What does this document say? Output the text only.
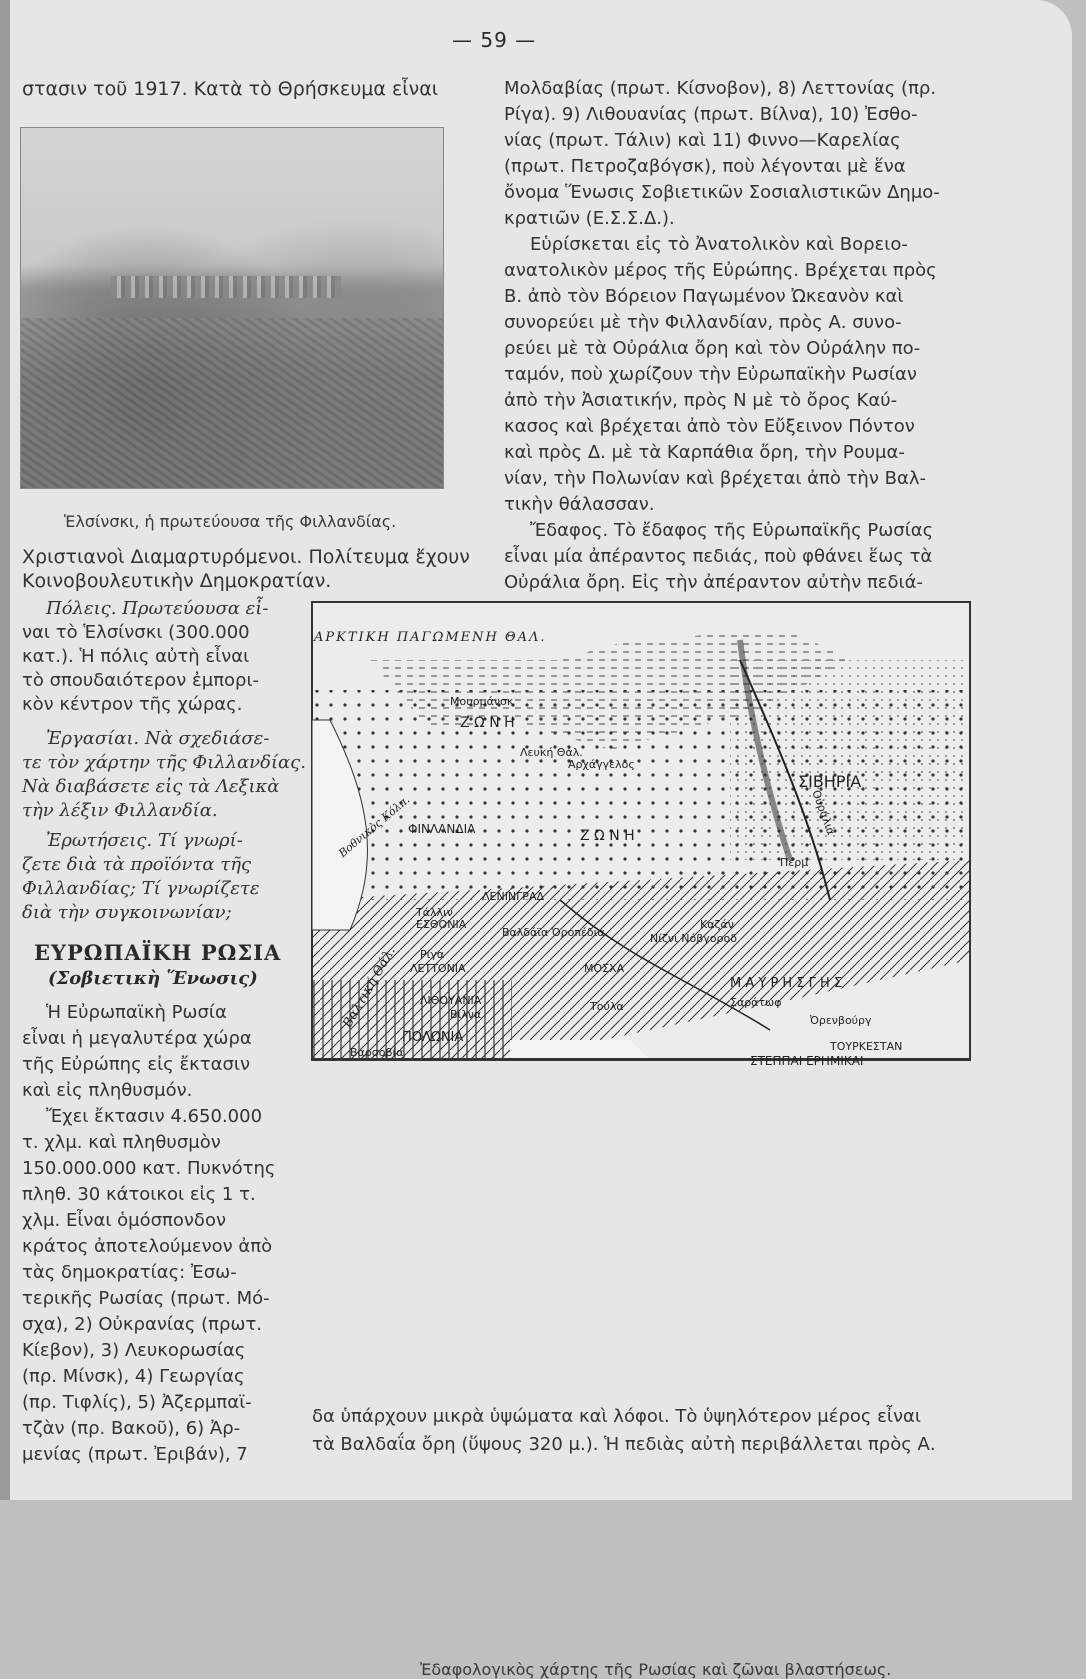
— 59 —
στασιν τοῦ 1917. Κατὰ τὸ Θρήσκευμα εἶναι
Ἑλσίνσκι, ἡ πρωτεύουσα τῆς Φιλλανδίας.
Χριστιανοὶ Διαμαρτυρόμενοι. Πολίτευμα ἔχουν
Κοινοβουλευτικὴν Δημοκρατίαν.
Πόλεις. Πρωτεύουσα εἶ-
ναι τὸ Ἑλσίνσκι (300.000
κατ.). Ἡ πόλις αὐτὴ εἶναι
τὸ σπουδαιότερον ἐμπορι-
κὸν κέντρον τῆς χώρας.
Ἐργασίαι. Νὰ σχεδιάσε-
τε τὸν χάρτην τῆς Φιλλανδίας.
Νὰ διαβάσετε εἰς τὰ Λεξικὰ
τὴν λέξιν Φιλλανδία.
Ἐρωτήσεις. Τί γνωρί-
ζετε διὰ τὰ προϊόντα τῆς
Φιλλανδίας; Τί γνωρίζετε
διὰ τὴν συγκοινωνίαν;
ΕΥΡΩΠΑΪΚΗ ΡΩΣΙΑ
(Σοβιετικὴ Ἕνωσις)
Ἡ Εὐρωπαϊκὴ Ρωσία
εἶναι ἡ μεγαλυτέρα χώρα
τῆς Εὐρώπης εἰς ἔκτασιν
καὶ εἰς πληθυσμόν.
Ἔχει ἔκτασιν 4.650.000
τ. χλμ. καὶ πληθυσμὸν
150.000.000 κατ. Πυκνότης
πληθ. 30 κάτοικοι εἰς 1 τ.
χλμ. Εἶναι ὁμόσπονδον
κράτος ἀποτελούμενον ἀπὸ
τὰς δημοκρατίας: Ἐσω-
τερικῆς Ρωσίας (πρωτ. Μό-
σχα), 2) Οὐκρανίας (πρωτ.
Κίεβον), 3) Λευκορωσίας
(πρ. Μίνσκ), 4) Γεωργίας
(πρ. Τιφλίς), 5) Ἀζερμπαϊ-
τζὰν (πρ. Βακοῦ), 6) Ἀρ-
μενίας (πρωτ. Ἐριβάν), 7
Μολδαβίας (πρωτ. Κίσνοβον), 8) Λεττονίας (πρ.
Ρίγα). 9) Λιθουανίας (πρωτ. Βίλνα), 10) Ἐσθο-
νίας (πρωτ. Τάλιν) καὶ 11) Φιννο—Καρελίας
(πρωτ. Πετροζαβόγσκ), ποὺ λέγονται μὲ ἕνα
ὄνομα Ἕνωσις Σοβιετικῶν Σοσιαλιστικῶν Δημο-
κρατιῶν (Ε.Σ.Σ.Δ.).
Εὑρίσκεται εἰς τὸ Ἀνατολικὸν καὶ Βορειο-
ανατολικὸν μέρος τῆς Εὐρώπης. Βρέχεται πρὸς
Β. ἀπὸ τὸν Βόρειον Παγωμένον Ὠκεανὸν καὶ
συνορεύει μὲ τὴν Φιλλανδίαν, πρὸς Α. συνο-
ρεύει μὲ τὰ Οὐράλια ὄρη καὶ τὸν Οὐράλην πο-
ταμόν, ποὺ χωρίζουν τὴν Εὐρωπαϊκὴν Ρωσίαν
ἀπὸ τὴν Ἀσιατικήν, πρὸς Ν μὲ τὸ ὄρος Καύ-
κασος καὶ βρέχεται ἀπὸ τὸν Εὔξεινον Πόντον
καὶ πρὸς Δ. μὲ τὰ Καρπάθια ὄρη, τὴν Ρουμα-
νίαν, τὴν Πολωνίαν καὶ βρέχεται ἀπὸ τὴν Βαλ-
τικὴν θάλασσαν.
Ἔδαφος. Τὸ ἔδαφος τῆς Εὐρωπαϊκῆς Ρωσίας
εἶναι μία ἀπέραντος πεδιάς, ποὺ φθάνει ἕως τὰ
Οὐράλια ὄρη. Εἰς τὴν ἀπέραντον αὐτὴν πεδιά-
ΑΡΚΤΙΚΗ ΠΑΓΩΜΕΝΗ ΘΑΛ.
Μουρμάνσκ
Ζ Ω Ν Η
Λευκή Θάλ.
Ἀρχάγγελος
ΣΙΒΗΡΙΑ
Ζ Ω Ν Η
ΦΙΝΛΑΝΔΙΑ
Βοθνικὸς Κόλπ.
ΛΕΝΙΝΓΡΑΔ
Τάλλιν
ΕΣΘΟΝΙΑ
Ρίγα
ΛΕΤΤΟΝΙΑ
Βαλτική Θάλ. ΛΙΘΟΥΑΝΙΑ
Βίλνα
ΠΟΛΩΝΙΑ
Βαρσοβία
Βαλδάϊα Ὀροπέδια
ΜΟΣΧΑ
Καζάν
Νίζνι Νόβγοροδ
Πέρμ
Οὐράλια
Τούλα	Σαράτωφ
Ὀρενβούργ
Μ Α Υ Ρ Η Σ Γ Η Σ
ΤΟΥΡΚΕΣΤΑΝ
ΣΤΕΠΠΑΙ ΕΡΗΜΙΚΑΙ
Ἐδαφολογικὸς χάρτης τῆς Ρωσίας καὶ ζῶναι βλαστήσεως.
δα ὑπάρχουν μικρὰ ὑψώματα καὶ λόφοι. Τὸ ὑψηλότερον μέρος εἶναι
τὰ Βαλδαΐα ὄρη (ὕψους 320 μ.). Ἡ πεδιὰς αὐτὴ περιβάλλεται πρὸς Α.
